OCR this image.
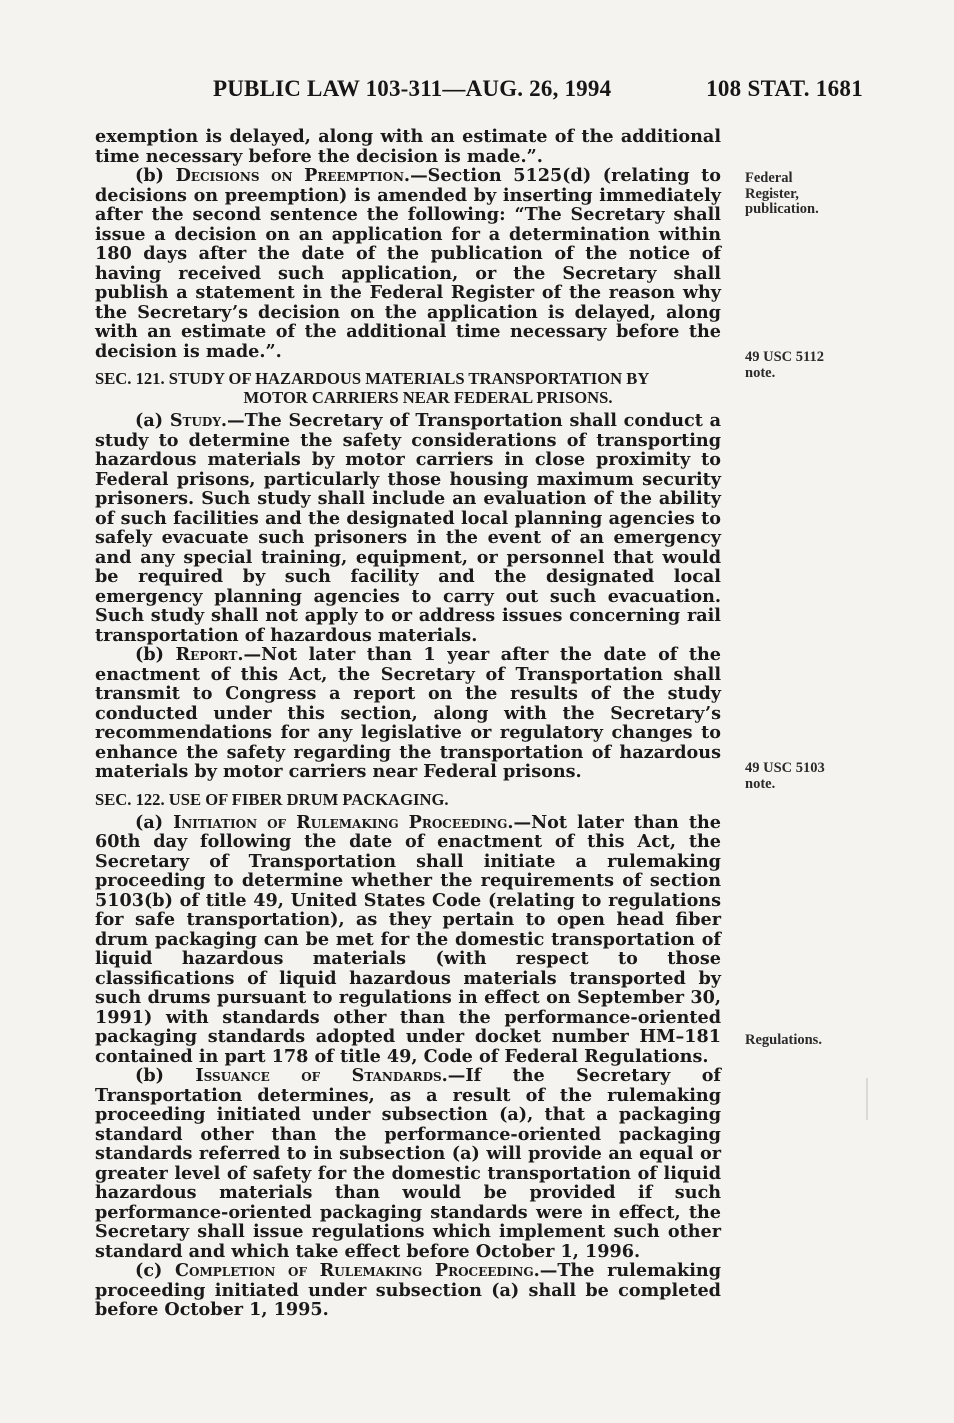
PUBLIC LAW 103-311—AUG. 26, 1994	108 STAT. 1681

exemption is delayed, along with an estimate of the additional time necessary before the decision is made.”.

(b) Decisions on Preemption.—Section 5125(d) (relating to decisions on preemption) is amended by inserting immediately after the second sentence the following: “The Secretary shall issue a decision on an application for a determination within 180 days after the date of the publication of the notice of having received such application, or the Secretary shall publish a statement in the Federal Register of the reason why the Secretary’s decision on the application is delayed, along with an estimate of the additional time necessary before the decision is made.”.

SEC. 121. STUDY OF HAZARDOUS MATERIALS TRANSPORTATION BY
MOTOR CARRIERS NEAR FEDERAL PRISONS.

(a) Study.—The Secretary of Transportation shall conduct a study to determine the safety considerations of transporting hazardous materials by motor carriers in close proximity to Federal prisons, particularly those housing maximum security prisoners. Such study shall include an evaluation of the ability of such facilities and the designated local planning agencies to safely evacuate such prisoners in the event of an emergency and any special training, equipment, or personnel that would be required by such facility and the designated local emergency planning agencies to carry out such evacuation. Such study shall not apply to or address issues concerning rail transportation of hazardous materials.

(b) Report.—Not later than 1 year after the date of the enactment of this Act, the Secretary of Transportation shall transmit to Congress a report on the results of the study conducted under this section, along with the Secretary’s recommendations for any legislative or regulatory changes to enhance the safety regarding the transportation of hazardous materials by motor carriers near Federal prisons.

SEC. 122. USE OF FIBER DRUM PACKAGING.

(a) Initiation of Rulemaking Proceeding.—Not later than the 60th day following the date of enactment of this Act, the Secretary of Transportation shall initiate a rulemaking proceeding to determine whether the requirements of section 5103(b) of title 49, United States Code (relating to regulations for safe transportation), as they pertain to open head fiber drum packaging can be met for the domestic transportation of liquid hazardous materials (with respect to those classifications of liquid hazardous materials transported by such drums pursuant to regulations in effect on September 30, 1991) with standards other than the performance-oriented packaging standards adopted under docket number HM–181 contained in part 178 of title 49, Code of Federal Regulations.

(b) Issuance of Standards.—If the Secretary of Transportation determines, as a result of the rulemaking proceeding initiated under subsection (a), that a packaging standard other than the performance-oriented packaging standards referred to in subsection (a) will provide an equal or greater level of safety for the domestic transportation of liquid hazardous materials than would be provided if such performance-oriented packaging standards were in effect, the Secretary shall issue regulations which implement such other standard and which take effect before October 1, 1996.

(c) Completion of Rulemaking Proceeding.—The rulemaking proceeding initiated under subsection (a) shall be completed before October 1, 1995.

Federal
Register,
publication.
49 USC 5112
note.
49 USC 5103
note.
Regulations.
